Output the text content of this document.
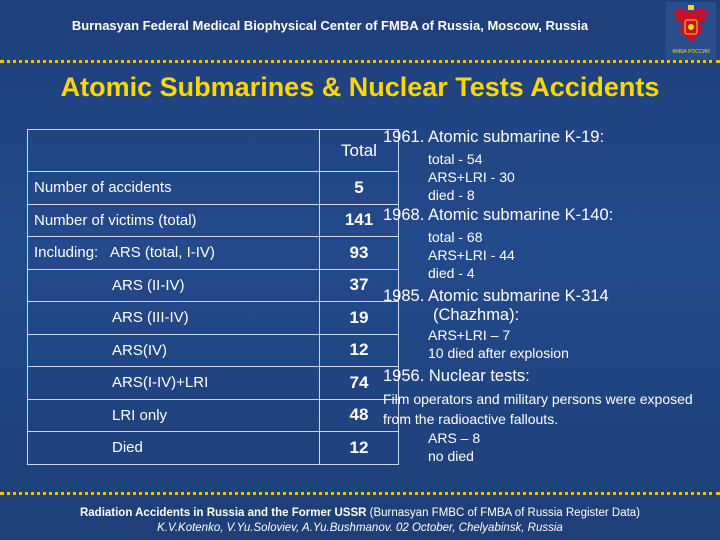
Burnasyan Federal Medical Biophysical Center of FMBA of Russia, Moscow, Russia
ФМБА РОССИИ
Atomic Submarines & Nuclear Tests Accidents
	Total
Number of accidents	5
Number of victims (total)	141
Including:   ARS (total, I-IV)	93
ARS (II-IV)	37
ARS (III-IV)	19
ARS(IV)	12
ARS(I-IV)+LRI	74
LRI only	48
Died	12
1961. Atomic submarine K-19:
total - 54
ARS+LRI - 30
died - 8
1968. Atomic submarine K-140:
total - 68
ARS+LRI - 44
died - 4
1985. Atomic submarine K-314
(Chazhma):
ARS+LRI – 7
10 died after explosion
1956. Nuclear tests:
Film operators and military persons were exposed from the radioactive fallouts.
ARS – 8
no died
Radiation Accidents in Russia and the Former USSR (Burnasyan FMBC of FMBA of Russia Register Data)
K.V.Kotenko, V.Yu.Soloviev, A.Yu.Bushmanov. 02 October, Chelyabinsk, Russia
